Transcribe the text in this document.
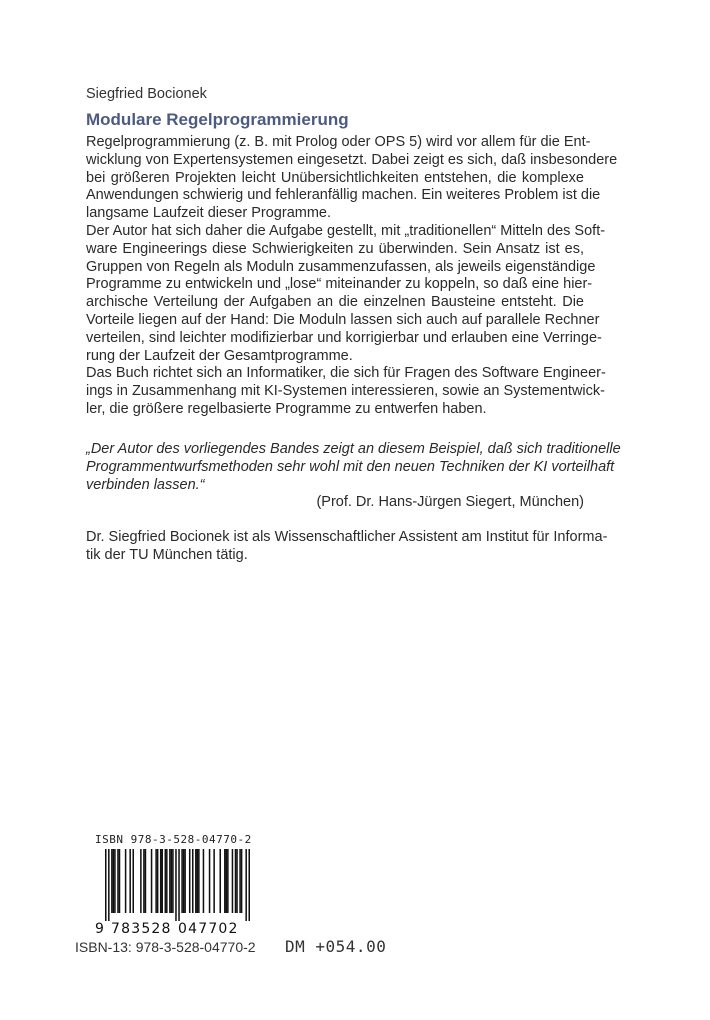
Siegfried Bocionek
Modulare Regelprogrammierung
Regelprogrammierung (z. B. mit Prolog oder OPS 5) wird vor allem für die Ent-
wicklung von Expertensystemen eingesetzt. Dabei zeigt es sich, daß insbesondere
bei größeren Projekten leicht Unübersichtlichkeiten entstehen, die komplexe
Anwendungen schwierig und fehleranfällig machen. Ein weiteres Problem ist die
langsame Laufzeit dieser Programme.
Der Autor hat sich daher die Aufgabe gestellt, mit „traditionellen“ Mitteln des Soft-
ware Engineerings diese Schwierigkeiten zu überwinden. Sein Ansatz ist es,
Gruppen von Regeln als Moduln zusammenzufassen, als jeweils eigenständige
Programme zu entwickeln und „lose“ miteinander zu koppeln, so daß eine hier-
archische Verteilung der Aufgaben an die einzelnen Bausteine entsteht. Die
Vorteile liegen auf der Hand: Die Moduln lassen sich auch auf parallele Rechner
verteilen, sind leichter modifizierbar und korrigierbar und erlauben eine Verringe-
rung der Laufzeit der Gesamtprogramme.
Das Buch richtet sich an Informatiker, die sich für Fragen des Software Engineer-
ings in Zusammenhang mit KI-Systemen interessieren, sowie an Systementwick-
ler, die größere regelbasierte Programme zu entwerfen haben.
„Der Autor des vorliegendes Bandes zeigt an diesem Beispiel, daß sich traditionelle
Programmentwurfsmethoden sehr wohl mit den neuen Techniken der KI vorteilhaft
verbinden lassen.“
(Prof. Dr. Hans-Jürgen Siegert, München)
Dr. Siegfried Bocionek ist als Wissenschaftlicher Assistent am Institut für Informa-
tik der TU München tätig.
ISBN 978-3-528-04770-2
9 783528 047702
ISBN-13: 978-3-528-04770-2 DM +054.00
